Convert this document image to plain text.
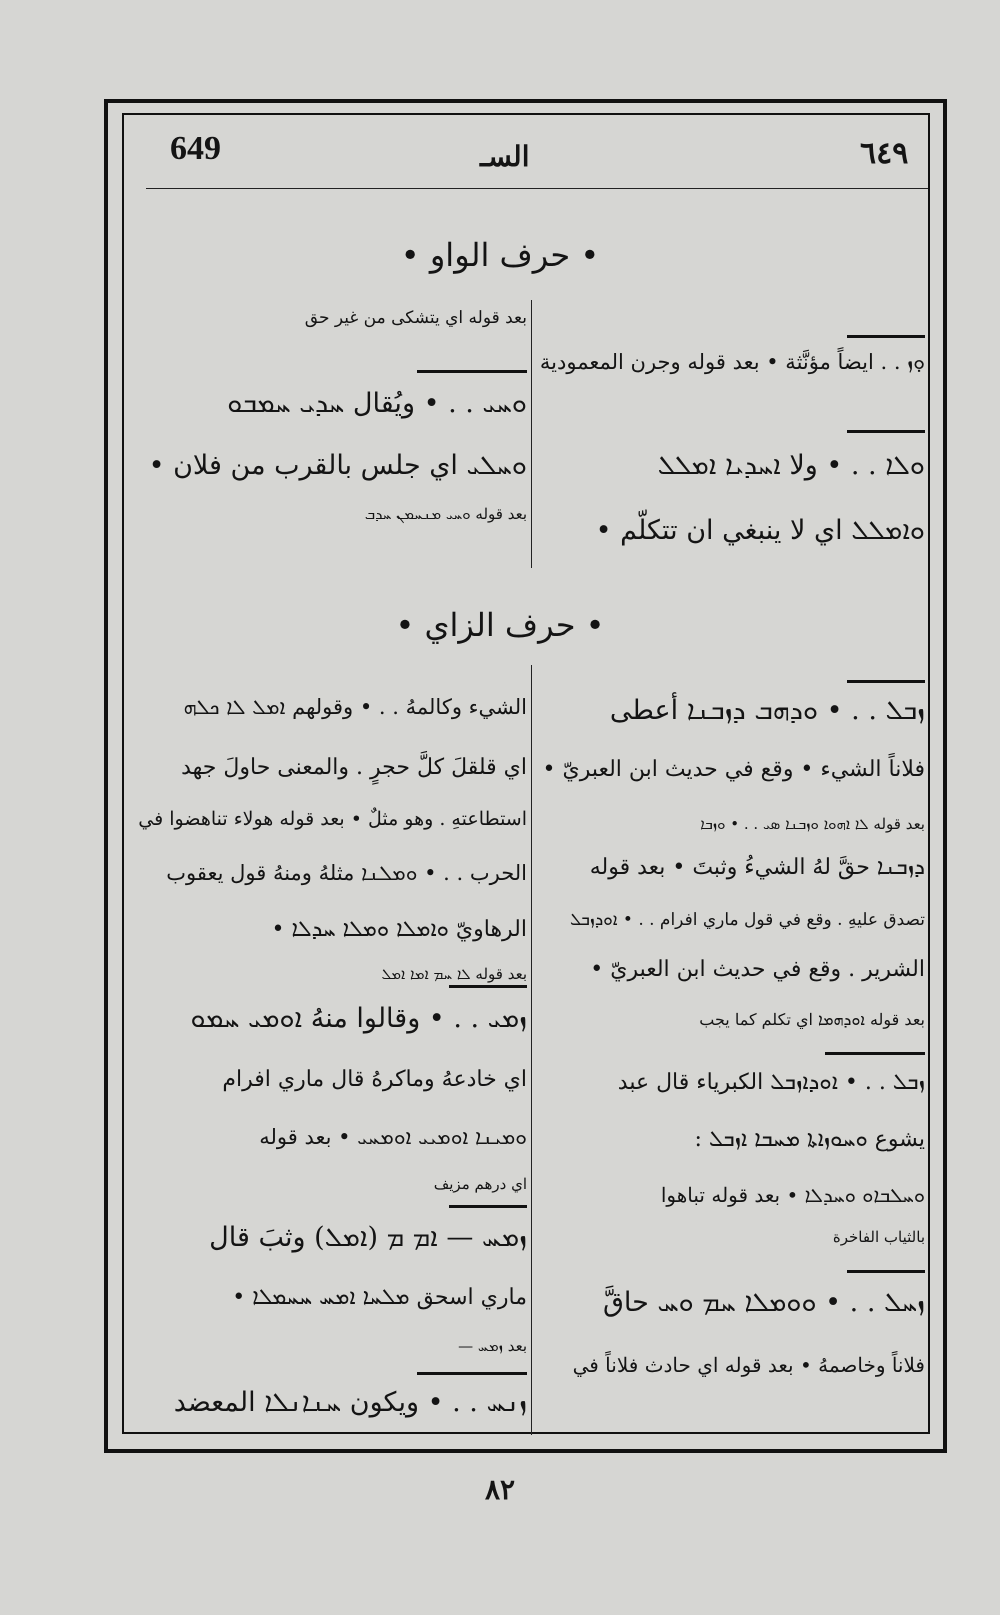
649	السـ	٦٤٩
• حرف الواو •
ܘ̣ܙ . . ايضاً مؤنَّثة • بعد قوله وجرن المعمودية
ܘܠܐ . . • ولا ܐܚܕܝܐ ܐܡܠܠ
ܘܐܡܠܠ اي لا ينبغي ان تتكلّم •
بعد قوله اي يتشكى من غير حق
ܘܚܝ . . • ويُقال ܚܕܝ ܚܡܒܘ
ܘܚܠܝ اي جلس بالقرب من فلان •
بعد قوله ܘܚܝ ܡܢܚܡܢ ܚܕܒ
• حرف الزاي •
ܙܒܠ . . • ܘܕܗܒ ܕܙܒܢܐ أعطى
فلاناً الشيء • وقع في حديث ابن العبريّ •
بعد قوله ܠܐ ܐܗܘܐ ܘܙܒܢܐ ܣܝ . . • ܘܙܒܐ
ܕܙܒܢܐ حقَّ لهُ الشيءُ وثبتَ • بعد قوله
تصدق عليهِ . وقع في قول ماري افرام . . • ܐܘܕܙܒܠ
الشرير . وقع في حديث ابن العبريّ •
بعد قوله ܐܘܕܗܡܐ اي تكلم كما يجب
ܙܒܠ . . • ܐܘܕܐܙܒܠ الكبرياء قال عبد
يشوع ܘܚܘܙܐܬܐ ܡܚܒܐ ܐܙܒܠ :
ܘܚܠܒܐܘ ܘܚܕܠܐ • بعد قوله تباهوا
بالثياب الفاخرة
ܙܚܠ . . • ܘܘܡܠܐ ܚܡ ܘܚ حاقَّ
فلاناً وخاصمهُ • بعد قوله اي حادث فلاناً في
الشيء وكالمهُ . . • وقولهم ܐܡܠ ܠܐ ܟܠܗ
اي قلقلَ كلَّ حجرٍ . والمعنى حاولَ جهد
استطاعتهِ . وهو مثلٌ • بعد قوله هولاء تناهضوا في
الحرب . . • ܘܡܠܢܐ مثلهُ ومنهُ قول يعقوب
الرهاويّ ܘܐܡܠܐ ܘܡܠܐ ܚܕܠܐ •
بعد قوله ܠܐ ܚܡ ܐܡܐ ܐܡܠ
ܙܡܝ . . • وقالوا منهُ ܐܘܡܝ ܚܡܘ
اي خادعهُ وماكرهُ قال ماري افرام
ܘܡܝܢܐ ܐܘܡܝܝ ܐܘܡܚܝ • بعد قوله
اي درهم مزيف
ܙܡܚ — ܐܡ ܡ (ܐܡܠ) وثبَ قال
ماري اسحق ܡܠܚܐ ܐܡܚ ܚܚܡܠܐ •
بعد ܙܡܚ —
ܙܢܚ . . • ويكون ܚܢܐܢܠܐ المعضد
٨٢
